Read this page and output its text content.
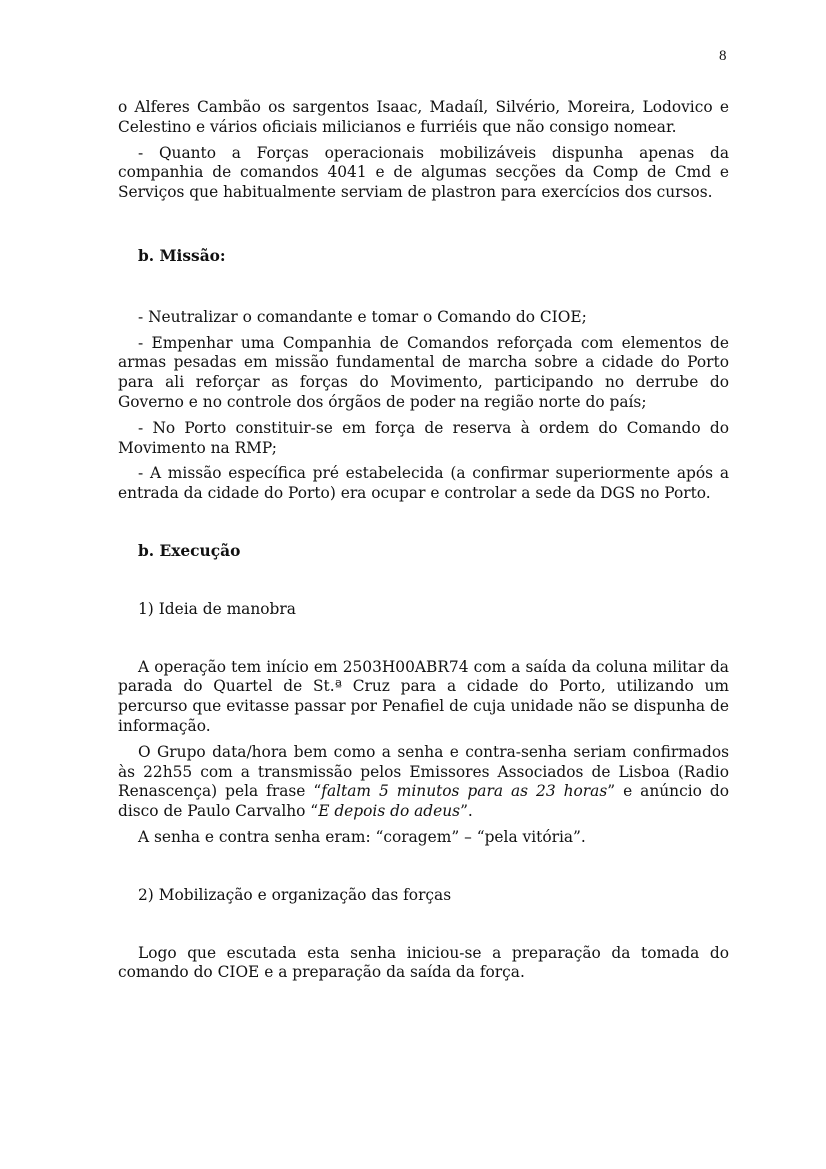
8

o Alferes Cambão os sargentos Isaac, Madaíl, Silvério, Moreira, Lodovico e Celestino e vários oficiais milicianos e furriéis que não consigo nomear.

- Quanto a Forças operacionais mobilizáveis dispunha apenas da companhia de comandos 4041 e de algumas secções da Comp de Cmd e Serviços que habitualmente serviam de plastron para exercícios dos cursos.

b. Missão:

- Neutralizar o comandante e tomar o Comando do CIOE;

- Empenhar uma Companhia de Comandos reforçada com elementos de armas pesadas em missão fundamental de marcha sobre a cidade do Porto para ali reforçar as forças do Movimento, participando no derrube do Governo e no controle dos órgãos de poder na região norte do país;

- No Porto constituir-se em força de reserva à ordem do Comando do Movimento na RMP;

- A missão específica pré estabelecida (a confirmar superiormente após a entrada da cidade do Porto) era ocupar e controlar a sede da DGS no Porto.

b. Execução

1) Ideia de manobra

A operação tem início em 2503H00ABR74 com a saída da coluna militar da parada do Quartel de St.ª Cruz para a cidade do Porto, utilizando um percurso que evitasse passar por Penafiel de cuja unidade não se dispunha de informação.

O Grupo data/hora bem como a senha e contra-senha seriam confirmados às 22h55 com a transmissão pelos Emissores Associados de Lisboa (Radio Renascença) pela frase “faltam 5 minutos para as 23 horas” e anúncio do disco de Paulo Carvalho “E depois do adeus”.

A senha e contra senha eram: “coragem” – “pela vitória”.

2) Mobilização e organização das forças

Logo que escutada esta senha iniciou-se a preparação da tomada do comando do CIOE e a preparação da saída da força.
